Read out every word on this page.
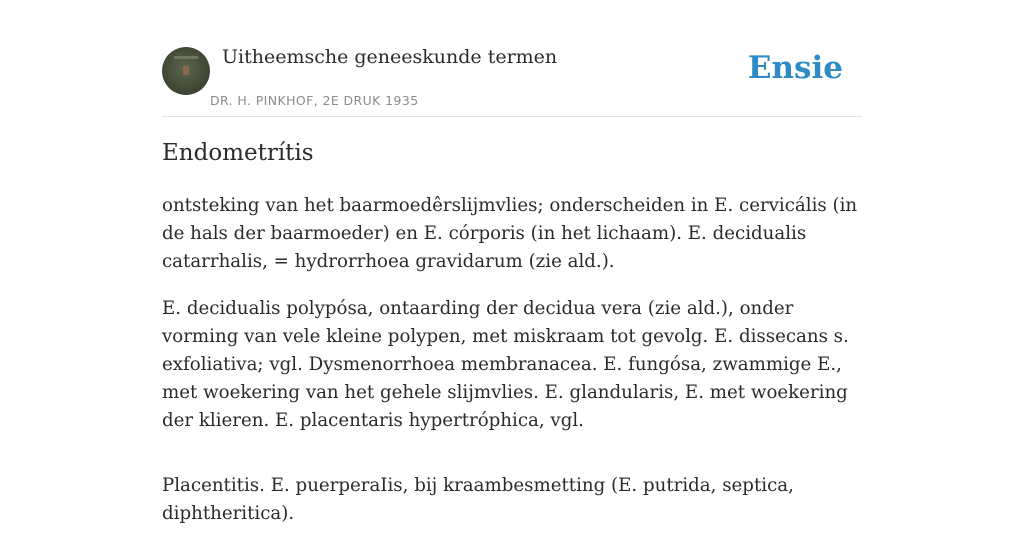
Uitheemsche geneeskunde termen
DR. H. PINKHOF, 2E DRUK 1935
Ensie
Endometrítis

ontsteking van het baarmoedêrslijmvlies; onderscheiden in E. cervicális (in de hals der baarmoeder) en E. córporis (in het lichaam). E. decidualis catarrhalis, = hydrorrhoea gravidarum (zie ald.).

E. decidualis polypósa, ontaarding der decidua vera (zie ald.), onder vorming van vele kleine polypen, met miskraam tot gevolg. E. dissecans s. exfoliativa; vgl. Dysmenorrhoea membranacea. E. fungósa, zwammige E., met woekering van het gehele slijmvlies. E. glandularis, E. met woekering der klieren. E. placentaris hypertróphica, vgl.

Placentitis. E. puerperaIis, bij kraambesmetting (E. putrida, septica, diphtheritica).
